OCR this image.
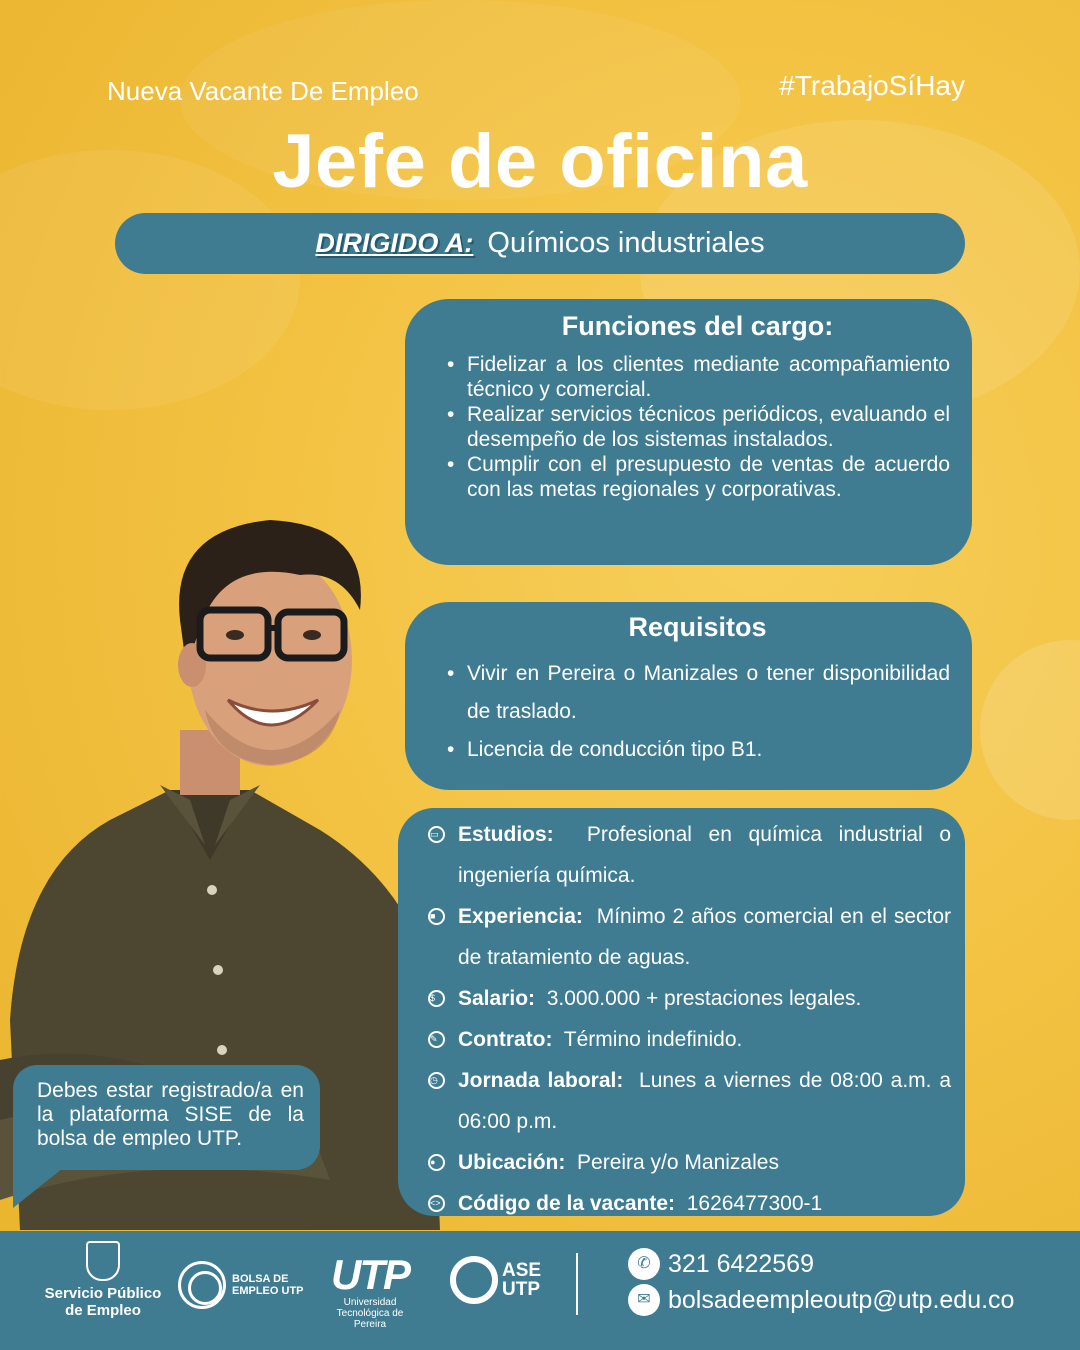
Nueva Vacante De Empleo	#TrabajoSíHay
Jefe de oficina
DIRIGIDO A: Químicos industriales
Funciones del cargo:
• Fidelizar a los clientes mediante acompañamiento técnico y comercial.
• Realizar servicios técnicos periódicos, evaluando el desempeño de los sistemas instalados.
• Cumplir con el presupuesto de ventas de acuerdo con las metas regionales y corporativas.
Requisitos
• Vivir en Pereira o Manizales o tener disponibilidad de traslado.
• Licencia de conducción tipo B1.
▭ Estudios: Profesional en química industrial o ingeniería química.
■	Experiencia: Mínimo 2 años comercial en el sector de tratamiento de aguas.
$	Salario: 3.000.000 + prestaciones legales.
✎ Contrato: Término indefinido.
◷ Jornada laboral: Lunes a viernes de 08:00 a.m. a 06:00 p.m.
●	Ubicación: Pereira y/o Manizales
<> Código de la vacante: 1626477300-1
Debes estar registrado/a en la plataforma SISE de la bolsa de empleo UTP.
Servicio Público de Empleo
BOLSA DE EMPLEO UTP UTP
Universidad Tecnológica de Pereira
ASE UTP
✆ 321 6422569
✉ bolsadeempleoutp@utp.edu.co
